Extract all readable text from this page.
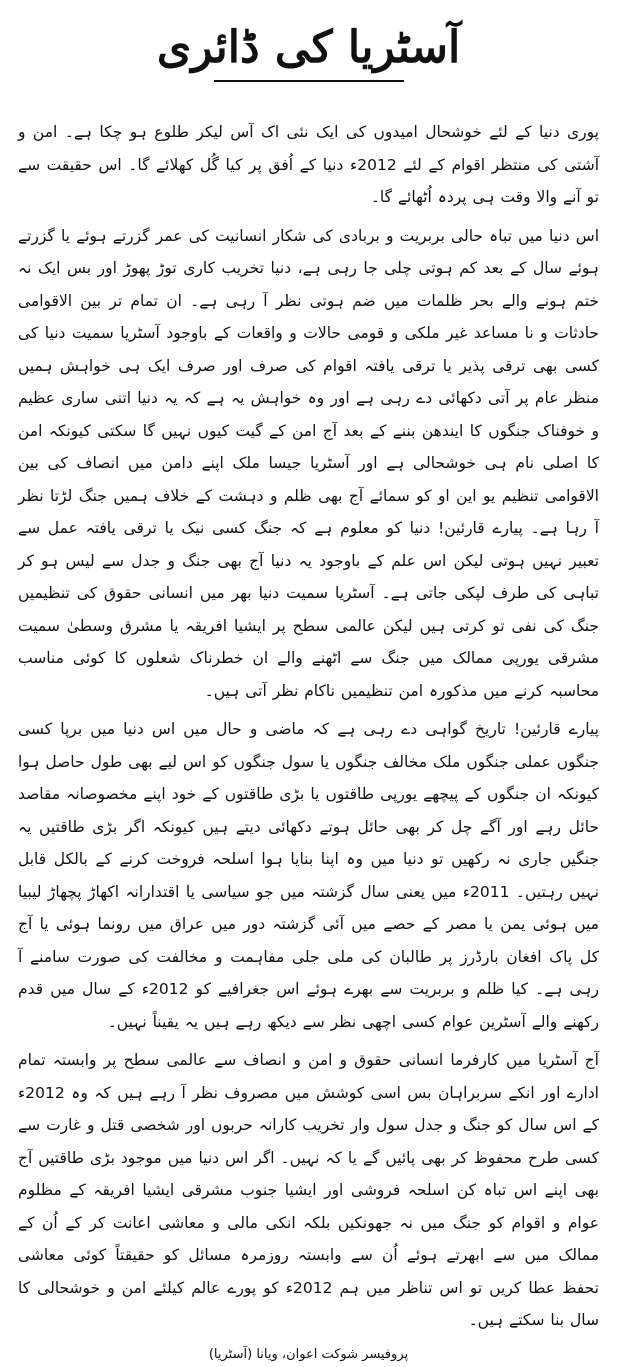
آسٹریا کی ڈائری

پوری دنیا کے لئے خوشحال امیدوں کی ایک نئی اک آس لیکر طلوع ہو چکا ہے۔ امن و آشتی کی منتظر اقوام کے لئے 2012ء دنیا کے اُفق پر کیا گُل کھلائے گا۔ اس حقیقت سے تو آنے والا وقت ہی پردہ اُٹھائے گا۔

اس دنیا میں تباہ حالی بربریت و بربادی کی شکار انسانیت کی عمر گزرتے ہوئے یا گزرتے ہوئے سال کے بعد کم ہوتی چلی جا رہی ہے، دنیا تخریب کاری توڑ پھوڑ اور بس ایک نہ ختم ہونے والے بحر ظلمات میں ضم ہوتی نظر آ رہی ہے۔ ان تمام تر بین الاقوامی حادثات و نا مساعد غیر ملکی و قومی حالات و واقعات کے باوجود آسٹریا سمیت دنیا کی کسی بھی ترقی پذیر یا ترقی یافتہ اقوام کی صرف اور صرف ایک ہی خواہش ہمیں منظر عام پر آتی دکھائی دے رہی ہے اور وہ خواہش یہ ہے کہ یہ دنیا اتنی ساری عظیم و خوفناک جنگوں کا ایندھن بننے کے بعد آج امن کے گیت کیوں نہیں گا سکتی کیونکہ امن کا اصلی نام ہی خوشحالی ہے اور آسٹریا جیسا ملک اپنے دامن میں انصاف کی بین الاقوامی تنظیم یو این او کو سمائے آج بھی ظلم و دہشت کے خلاف ہمیں جنگ لڑتا نظر آ رہا ہے۔ پیارے قارئین! دنیا کو معلوم ہے کہ جنگ کسی نیک یا ترقی یافتہ عمل سے تعبیر نہیں ہوتی لیکن اس علم کے باوجود یہ دنیا آج بھی جنگ و جدل سے لیس ہو کر تباہی کی طرف لپکی جاتی ہے۔ آسٹریا سمیت دنیا بھر میں انسانی حقوق کی تنظیمیں جنگ کی نفی تو کرتی ہیں لیکن عالمی سطح پر ایشیا افریقہ یا مشرق وسطیٰ سمیت مشرقی یورپی ممالک میں جنگ سے اٹھنے والے ان خطرناک شعلوں کا کوئی مناسب محاسبہ کرنے میں مذکورہ امن تنظیمیں ناکام نظر آتی ہیں۔

پیارے قارئین! تاریخ گواہی دے رہی ہے کہ ماضی و حال میں اس دنیا میں برپا کسی جنگوں عملی جنگوں ملک مخالف جنگوں یا سول جنگوں کو اس لیے بھی طول حاصل ہوا کیونکہ ان جنگوں کے پیچھے یورپی طاقتوں یا بڑی طاقتوں کے خود اپنے مخصوصانہ مقاصد حائل رہے اور آگے چل کر بھی حائل ہوتے دکھائی دیتے ہیں کیونکہ اگر بڑی طاقتیں یہ جنگیں جاری نہ رکھیں تو دنیا میں وہ اپنا بنایا ہوا اسلحہ فروخت کرنے کے بالکل قابل نہیں رہتیں۔ 2011ء میں یعنی سال گزشتہ میں جو سیاسی یا اقتدارانہ اکھاڑ پچھاڑ لیبیا میں ہوئی یمن یا مصر کے حصے میں آئی گزشتہ دور میں عراق میں رونما ہوئی یا آج کل پاک افغان بارڈرز پر طالبان کی ملی جلی مفاہمت و مخالفت کی صورت سامنے آ رہی ہے۔ کیا ظلم و بربریت سے بھرے ہوئے اس جغرافیے کو 2012ء کے سال میں قدم رکھنے والے آسٹرین عوام کسی اچھی نظر سے دیکھ رہے ہیں یہ یقیناً نہیں۔

آج آسٹریا میں کارفرما انسانی حقوق و امن و انصاف سے عالمی سطح پر وابستہ تمام ادارے اور انکے سربراہان بس اسی کوشش میں مصروف نظر آ رہے ہیں کہ وہ 2012ء کے اس سال کو جنگ و جدل سول وار تخریب کارانہ حربوں اور شخصی قتل و غارت سے کسی طرح محفوظ کر بھی پائیں گے یا کہ نہیں۔ اگر اس دنیا میں موجود بڑی طاقتیں آج بھی اپنے اس تباہ کن اسلحہ فروشی اور ایشیا جنوب مشرقی ایشیا افریقہ کے مظلوم عوام و اقوام کو جنگ میں نہ جھونکیں بلکہ انکی مالی و معاشی اعانت کر کے اُن کے ممالک میں سے ابھرتے ہوئے اُن سے وابستہ روزمرہ مسائل کو حقیقتاً کوئی معاشی تحفظ عطا کریں تو اس تناظر میں ہم 2012ء کو پورے عالم کیلئے امن و خوشحالی کا سال بنا سکتے ہیں۔

پروفیسر شوکت اعوان، ویانا (آسٹریا)
